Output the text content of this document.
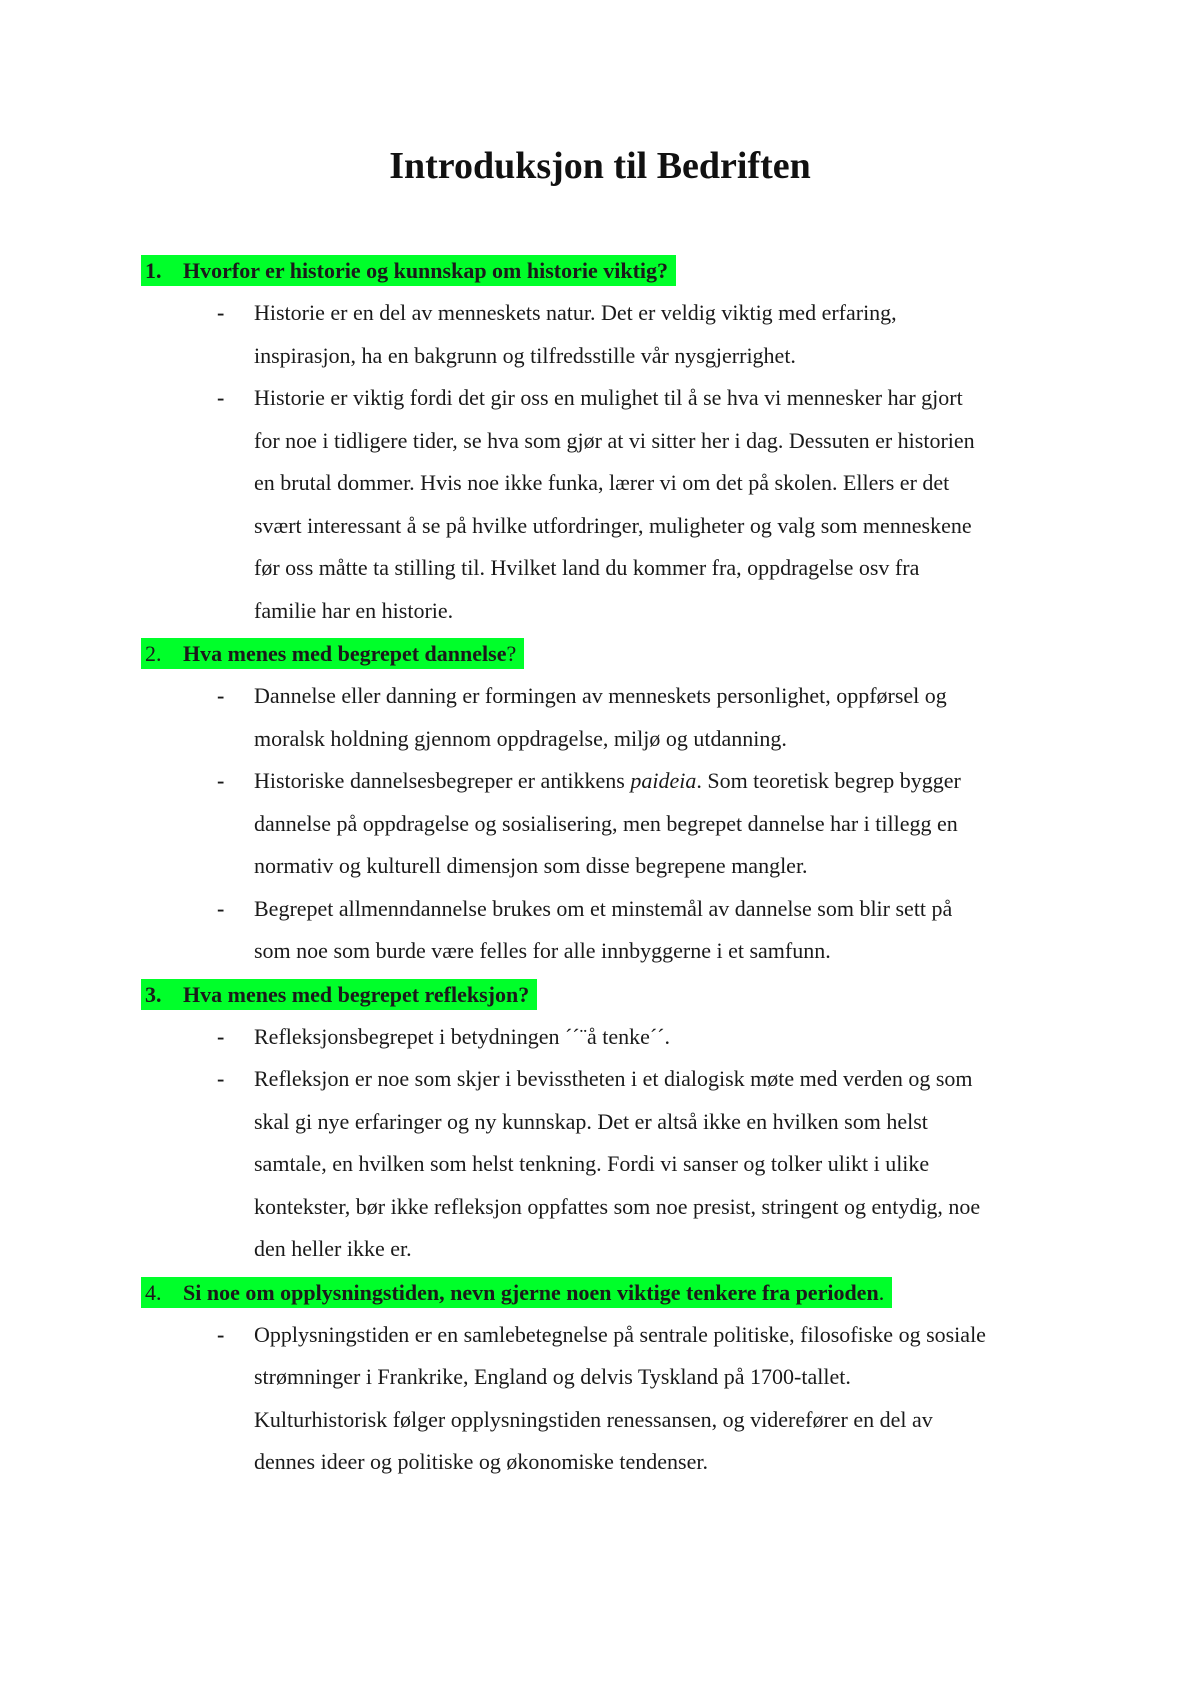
Introduksjon til Bedriften
1. Hvorfor er historie og kunnskap om historie viktig?
- Historie er en del av menneskets natur. Det er veldig viktig med erfaring,
inspirasjon, ha en bakgrunn og tilfredsstille vår nysgjerrighet.
- Historie er viktig fordi det gir oss en mulighet til å se hva vi mennesker har gjort
for noe i tidligere tider, se hva som gjør at vi sitter her i dag. Dessuten er historien
en brutal dommer. Hvis noe ikke funka, lærer vi om det på skolen. Ellers er det
svært interessant å se på hvilke utfordringer, muligheter og valg som menneskene
før oss måtte ta stilling til. Hvilket land du kommer fra, oppdragelse osv fra
familie har en historie.
2. Hva menes med begrepet dannelse?
- Dannelse eller danning er formingen av menneskets personlighet, oppførsel og
moralsk holdning gjennom oppdragelse, miljø og utdanning.
- Historiske dannelsesbegreper er antikkens paideia. Som teoretisk begrep bygger
dannelse på oppdragelse og sosialisering, men begrepet dannelse har i tillegg en
normativ og kulturell dimensjon som disse begrepene mangler.
- Begrepet allmenndannelse brukes om et minstemål av dannelse som blir sett på
som noe som burde være felles for alle innbyggerne i et samfunn.
3. Hva menes med begrepet refleksjon?
- Refleksjonsbegrepet i betydningen ´´¨å tenke´´.
- Refleksjon er noe som skjer i bevisstheten i et dialogisk møte med verden og som
skal gi nye erfaringer og ny kunnskap. Det er altså ikke en hvilken som helst
samtale, en hvilken som helst tenkning. Fordi vi sanser og tolker ulikt i ulike
kontekster, bør ikke refleksjon oppfattes som noe presist, stringent og entydig, noe
den heller ikke er.
4. Si noe om opplysningstiden, nevn gjerne noen viktige tenkere fra perioden.
- Opplysningstiden er en samlebetegnelse på sentrale politiske, filosofiske og sosiale
strømninger i Frankrike, England og delvis Tyskland på 1700-tallet.
Kulturhistorisk følger opplysningstiden renessansen, og viderefører en del av
dennes ideer og politiske og økonomiske tendenser.
